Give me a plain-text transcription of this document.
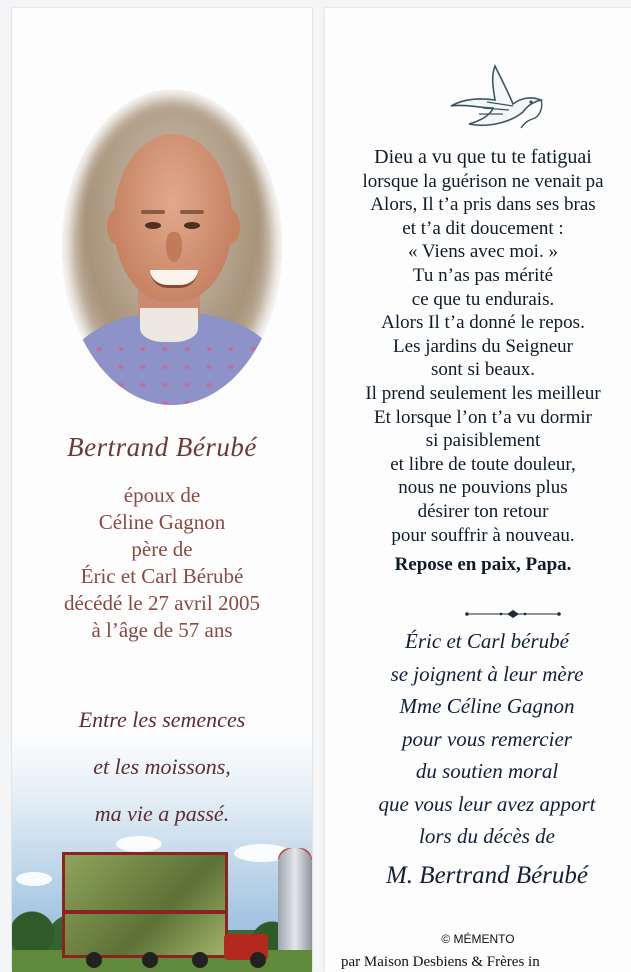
Bertrand Bérubé
époux de
Céline Gagnon
père de
Éric et Carl Bérubé
décédé le 27 avril 2005
à l’âge de 57 ans
Entre les semences
et les moissons,
ma vie a passé.
Dieu a vu que tu te fatiguai
lorsque la guérison ne venait pa
Alors, Il t’a pris dans ses bras
et t’a dit doucement :
« Viens avec moi. »
Tu n’as pas mérité
ce que tu endurais.
Alors Il t’a donné le repos.
Les jardins du Seigneur
sont si beaux.
Il prend seulement les meilleur
Et lorsque l’on t’a vu dormir
si paisiblement
et libre de toute douleur,
nous ne pouvions plus
désirer ton retour
pour souffrir à nouveau.
Repose en paix, Papa.
Éric et Carl bérubé
se joignent à leur mère
Mme Céline Gagnon
pour vous remercier
du soutien moral
que vous leur avez apport
lors du décès de
M. Bertrand Bérubé
© MÉMENTO
par Maison Desbiens & Frères in
